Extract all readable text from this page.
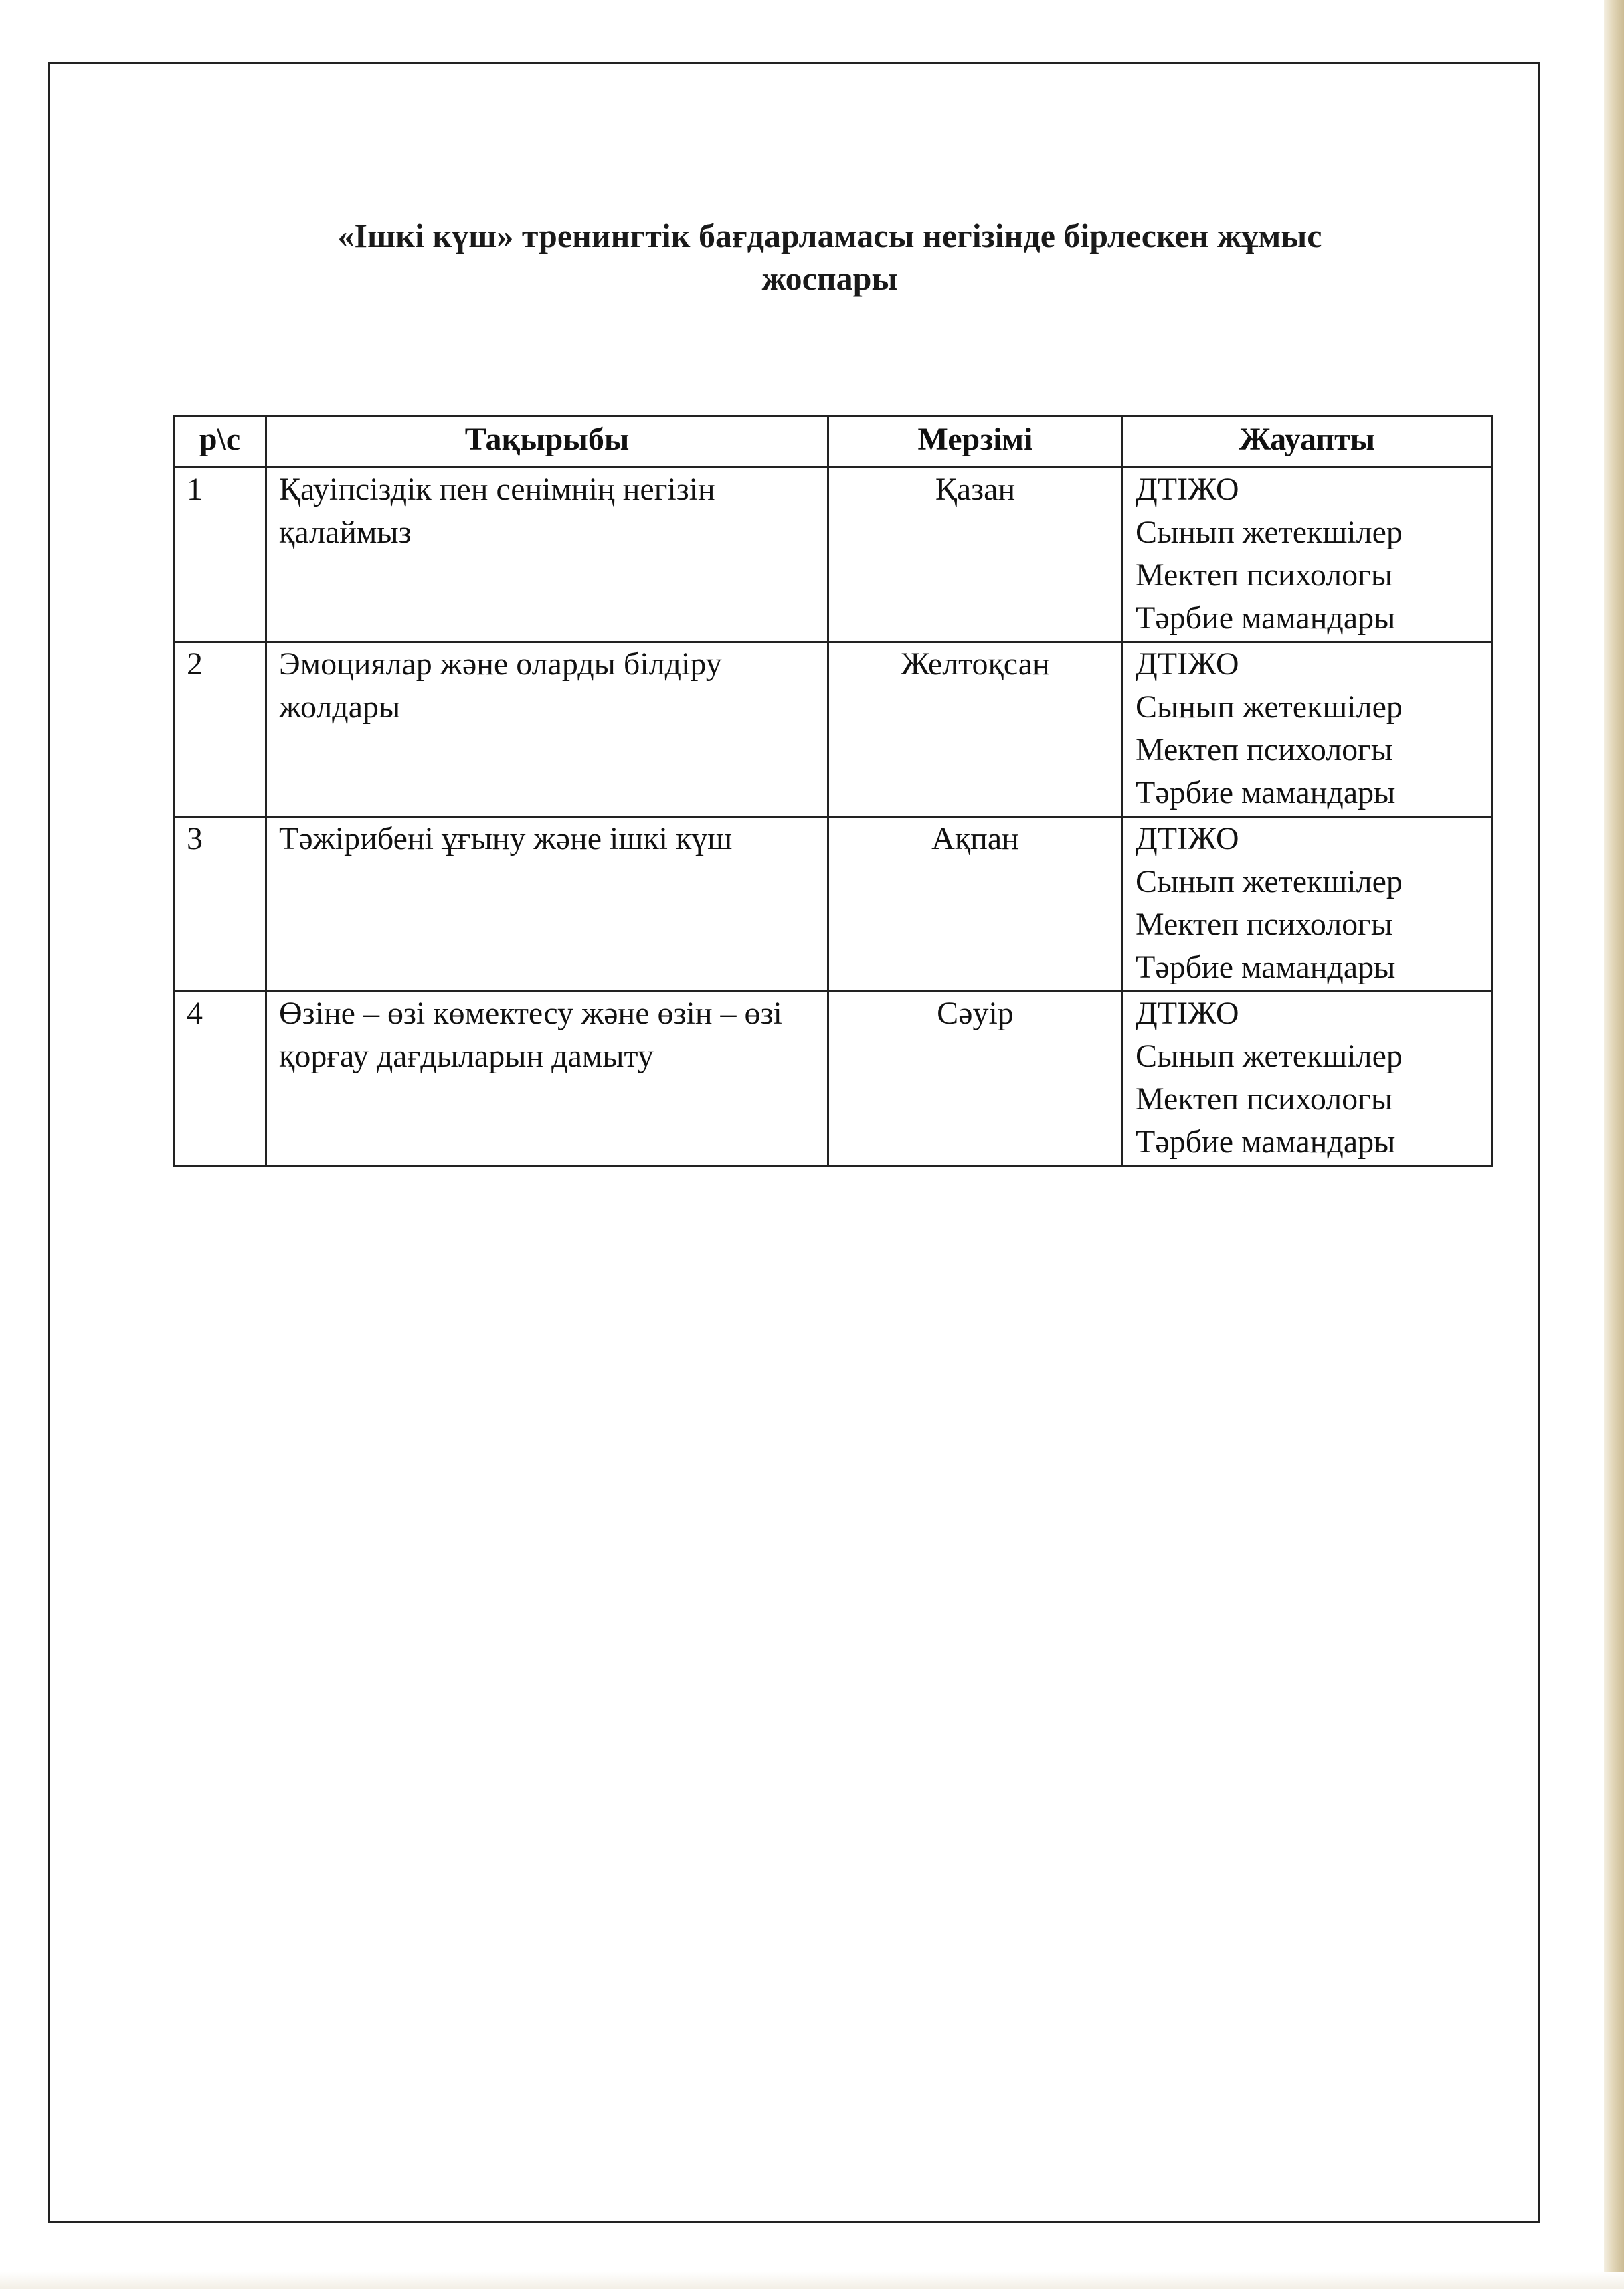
«Ішкі күш» тренингтік бағдарламасы негізінде бірлескен жұмыс
жоспары
р\с	Тақырыбы	Мерзімі	Жауапты
1	Қауіпсіздік пен сенімнің негізін қалаймыз	Қазан	ДТІЖО
Сынып жетекшілер
Мектеп психологы
Тәрбие мамандары

2	Эмоциялар және оларды білдіру жолдары	Желтоқсан	ДТІЖО
Сынып жетекшілер
Мектеп психологы
Тәрбие мамандары

3	Тәжірибені ұғыну және ішкі күш	Ақпан	ДТІЖО
Сынып жетекшілер
Мектеп психологы
Тәрбие мамандары

4	Өзіне – өзі көмектесу және өзін – өзі қорғау дағдыларын дамыту	Сәуір	ДТІЖО
Сынып жетекшілер
Мектеп психологы
Тәрбие мамандары
